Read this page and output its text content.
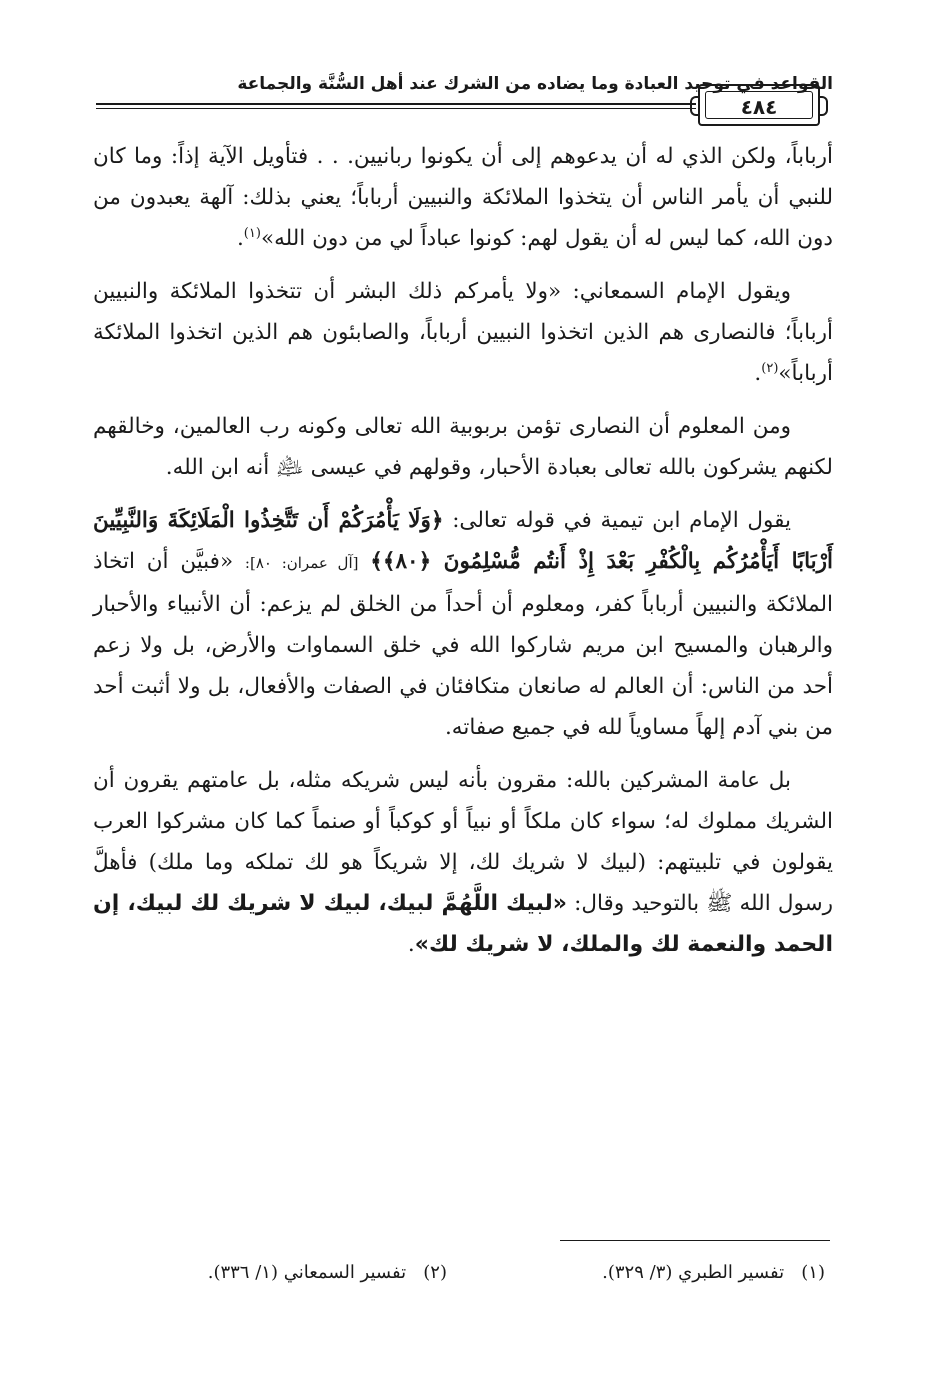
القواعد في توحيد العبادة وما يضاده من الشرك عند أهل السُّنَّة والجماعة
٤٨٤

أرباباً، ولكن الذي له أن يدعوهم إلى أن يكونوا ربانيين. . . فتأويل الآية إذاً: وما كان للنبي أن يأمر الناس أن يتخذوا الملائكة والنبيين أرباباً؛ يعني بذلك: آلهة يعبدون من دون الله، كما ليس له أن يقول لهم: كونوا عباداً لي من دون الله»$^{(١)}$.

ويقول الإمام السمعاني: «ولا يأمركم ذلك البشر أن تتخذوا الملائكة والنبيين أرباباً؛ فالنصارى هم الذين اتخذوا النبيين أرباباً، والصابئون هم الذين اتخذوا الملائكة أرباباً»$^{(٢)}$.

ومن المعلوم أن النصارى تؤمن بربوبية الله تعالى وكونه رب العالمين، وخالقهم لكنهم يشركون بالله تعالى بعبادة الأحبار، وقولهم في عيسى ﵇ أنه ابن الله.

يقول الإمام ابن تيمية في قوله تعالى: ﴿وَلَا يَأْمُرَكُمْ أَن تَتَّخِذُوا الْمَلَائِكَةَ وَالنَّبِيِّينَ أَرْبَابًا أَيَأْمُرُكُم بِالْكُفْرِ بَعْدَ إِذْ أَنتُم مُّسْلِمُونَ ﴿٨٠﴾﴾ [آل عمران: ٨٠]: «فبيَّن أن اتخاذ الملائكة والنبيين أرباباً كفر، ومعلوم أن أحداً من الخلق لم يزعم: أن الأنبياء والأحبار والرهبان والمسيح ابن مريم شاركوا الله في خلق السماوات والأرض، بل ولا زعم أحد من الناس: أن العالم له صانعان متكافئان في الصفات والأفعال، بل ولا أثبت أحد من بني آدم إلهاً مساوياً لله في جميع صفاته.

بل عامة المشركين بالله: مقرون بأنه ليس شريكه مثله، بل عامتهم يقرون أن الشريك مملوك له؛ سواء كان ملكاً أو نبياً أو كوكباً أو صنماً كما كان مشركوا العرب يقولون في تلبيتهم: (لبيك لا شريك لك، إلا شريكاً هو لك تملكه وما ملك) فأهلَّ رسول الله ﷺ بالتوحيد وقال: «لبيك اللَّهُمَّ لبيك، لبيك لا شريك لك لبيك، إن الحمد والنعمة لك والملك، لا شريك لك».

(١)   تفسير الطبري (٣/ ٣٢٩).
(٢)   تفسير السمعاني (١/ ٣٣٦).
